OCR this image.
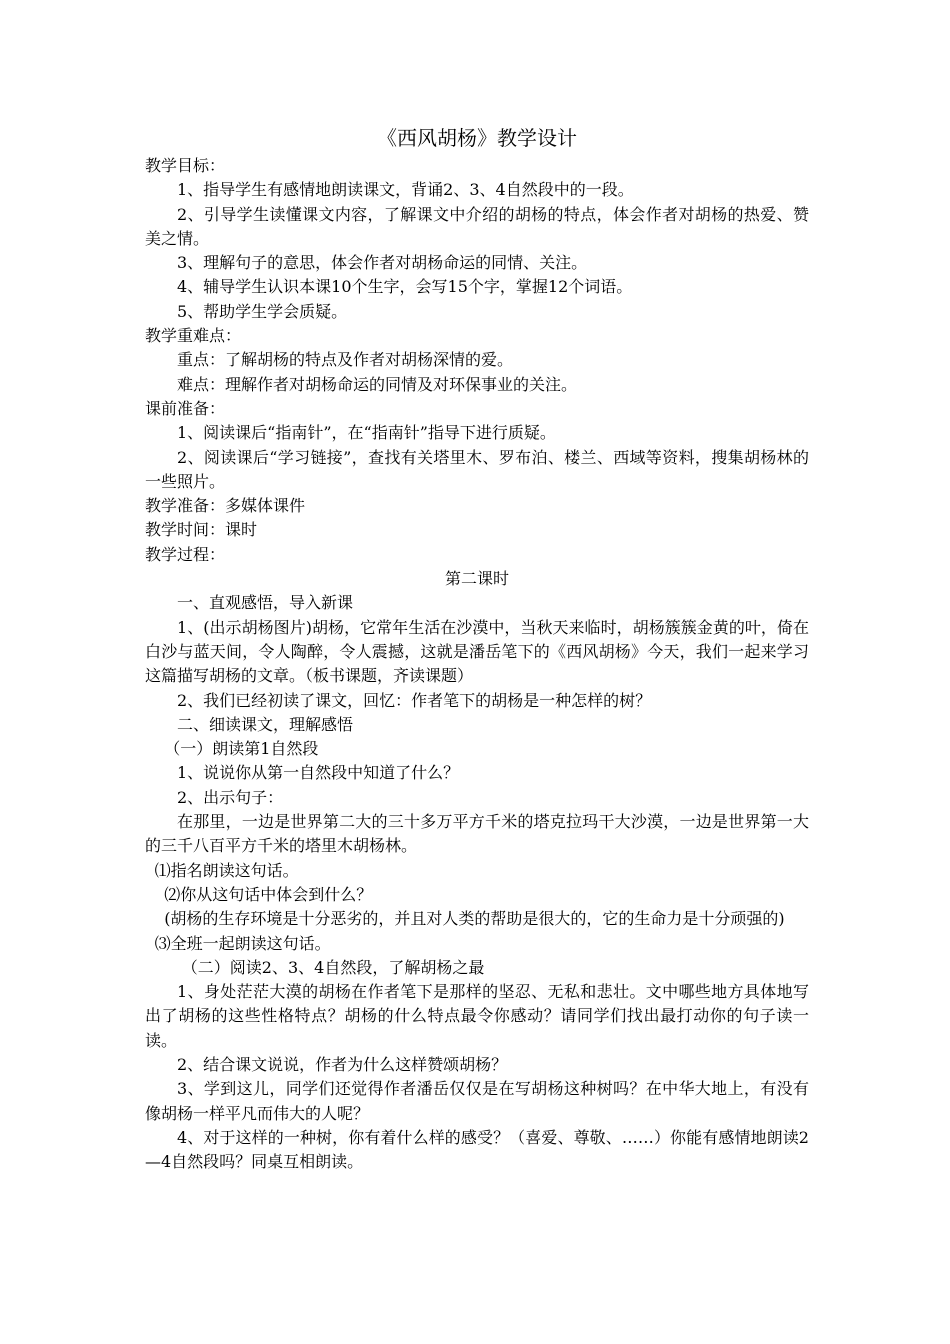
《西风胡杨》教学设计

教学目标：

1、指导学生有感情地朗读课文，背诵2、3、4自然段中的一段。

2、引导学生读懂课文内容，了解课文中介绍的胡杨的特点，体会作者对胡杨的热爱、赞美之情。

3、理解句子的意思，体会作者对胡杨命运的同情、关注。

4、辅导学生认识本课10个生字，会写15个字，掌握12个词语。

5、帮助学生学会质疑。

教学重难点：

重点：了解胡杨的特点及作者对胡杨深情的爱。

难点：理解作者对胡杨命运的同情及对环保事业的关注。

课前准备：

1、阅读课后“指南针”，在“指南针”指导下进行质疑。

2、阅读课后“学习链接”，查找有关塔里木、罗布泊、楼兰、西域等资料，搜集胡杨林的一些照片。

教学准备：多媒体课件

教学时间：课时

教学过程：

第二课时

一、直观感悟，导入新课

1、(出示胡杨图片)胡杨，它常年生活在沙漠中，当秋天来临时，胡杨簇簇金黄的叶，倚在白沙与蓝天间，令人陶醉，令人震撼，这就是潘岳笔下的《西风胡杨》今天，我们一起来学习这篇描写胡杨的文章。（板书课题，齐读课题）

2、我们已经初读了课文，回忆：作者笔下的胡杨是一种怎样的树？

二、细读课文，理解感悟

（一）朗读第1自然段

1、说说你从第一自然段中知道了什么？

2、出示句子：

在那里，一边是世界第二大的三十多万平方千米的塔克拉玛干大沙漠，一边是世界第一大的三千八百平方千米的塔里木胡杨林。

⑴指名朗读这句话。

⑵你从这句话中体会到什么？

(胡杨的生存环境是十分恶劣的，并且对人类的帮助是很大的，它的生命力是十分顽强的)

⑶全班一起朗读这句话。

（二）阅读2、3、4自然段，了解胡杨之最

1、身处茫茫大漠的胡杨在作者笔下是那样的坚忍、无私和悲壮。文中哪些地方具体地写出了胡杨的这些性格特点？胡杨的什么特点最令你感动？请同学们找出最打动你的句子读一读。

2、结合课文说说，作者为什么这样赞颂胡杨？

3、学到这儿，同学们还觉得作者潘岳仅仅是在写胡杨这种树吗？在中华大地上，有没有像胡杨一样平凡而伟大的人呢？

4、对于这样的一种树，你有着什么样的感受？（喜爱、尊敬、……）你能有感情地朗读2—4自然段吗？同桌互相朗读。
